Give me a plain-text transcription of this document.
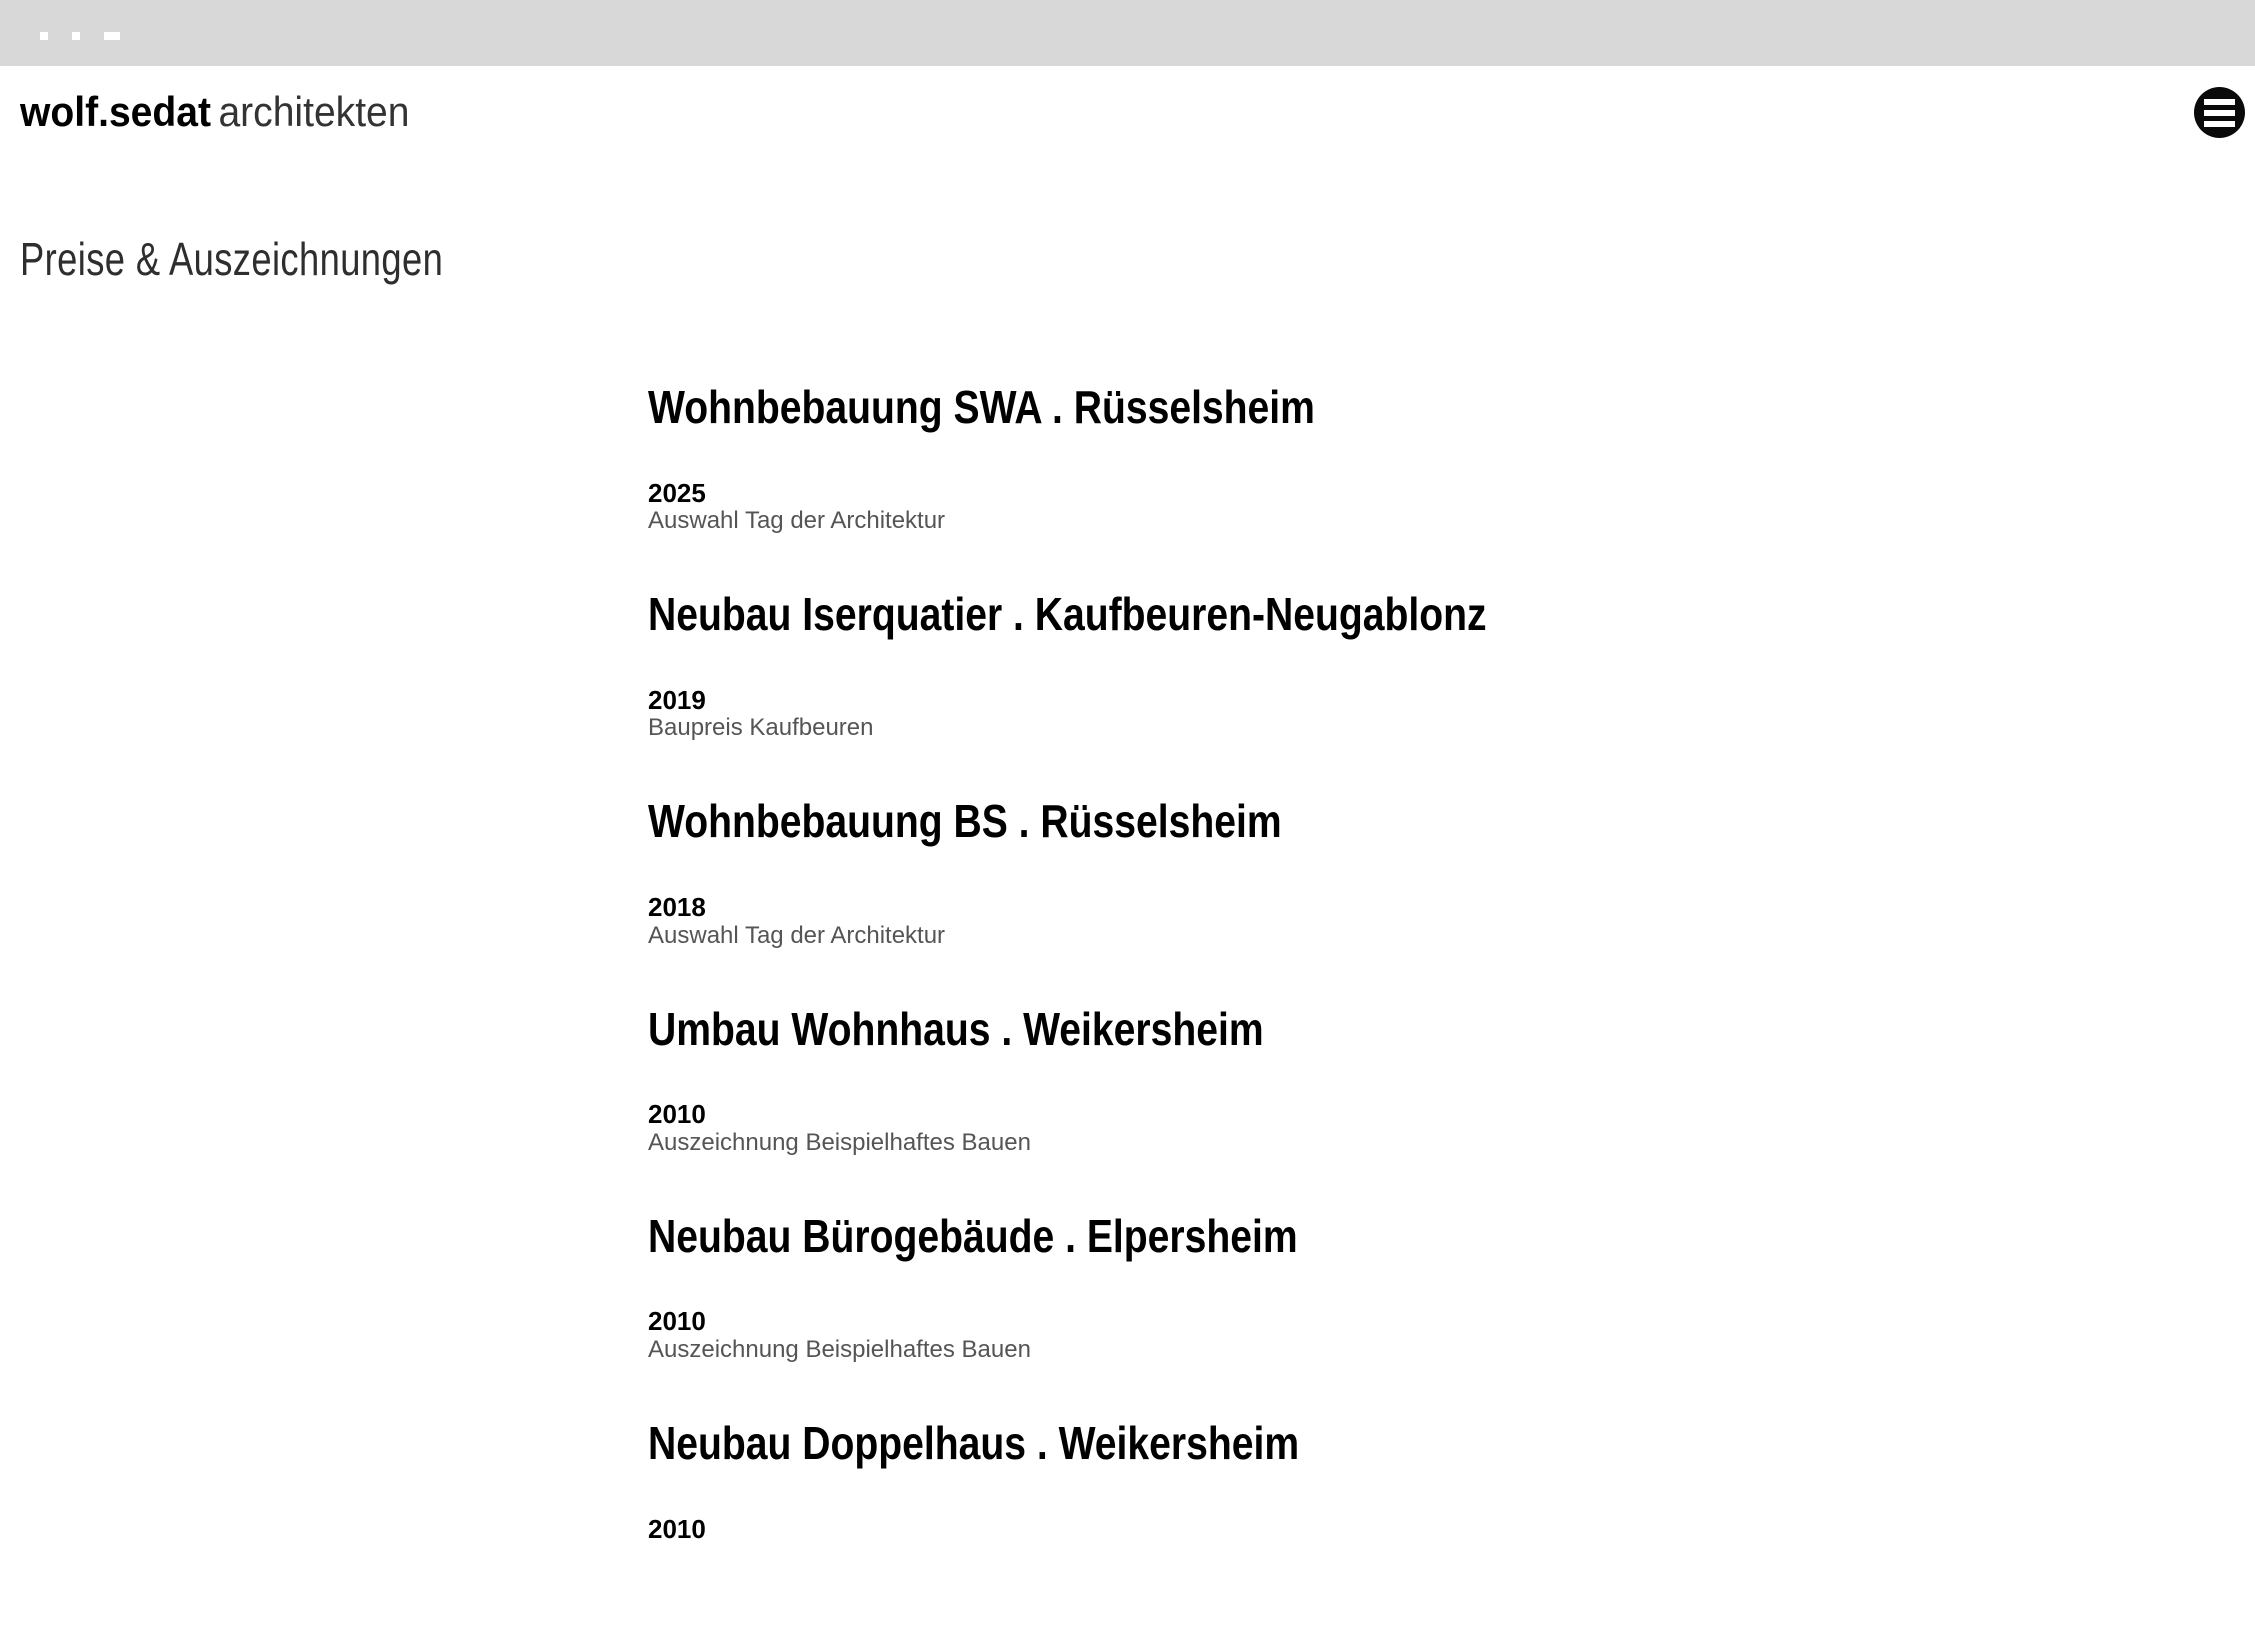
wolf.sedat architekten
Preise & Auszeichnungen
Wohnbebauung SWA . Rüsselsheim
2025
Auswahl Tag der Architektur
Neubau Iserquatier . Kaufbeuren-Neugablonz
2019
Baupreis Kaufbeuren
Wohnbebauung BS . Rüsselsheim
2018
Auswahl Tag der Architektur
Umbau Wohnhaus . Weikersheim
2010
Auszeichnung Beispielhaftes Bauen
Neubau Bürogebäude . Elpersheim
2010
Auszeichnung Beispielhaftes Bauen
Neubau Doppelhaus . Weikersheim
2010
